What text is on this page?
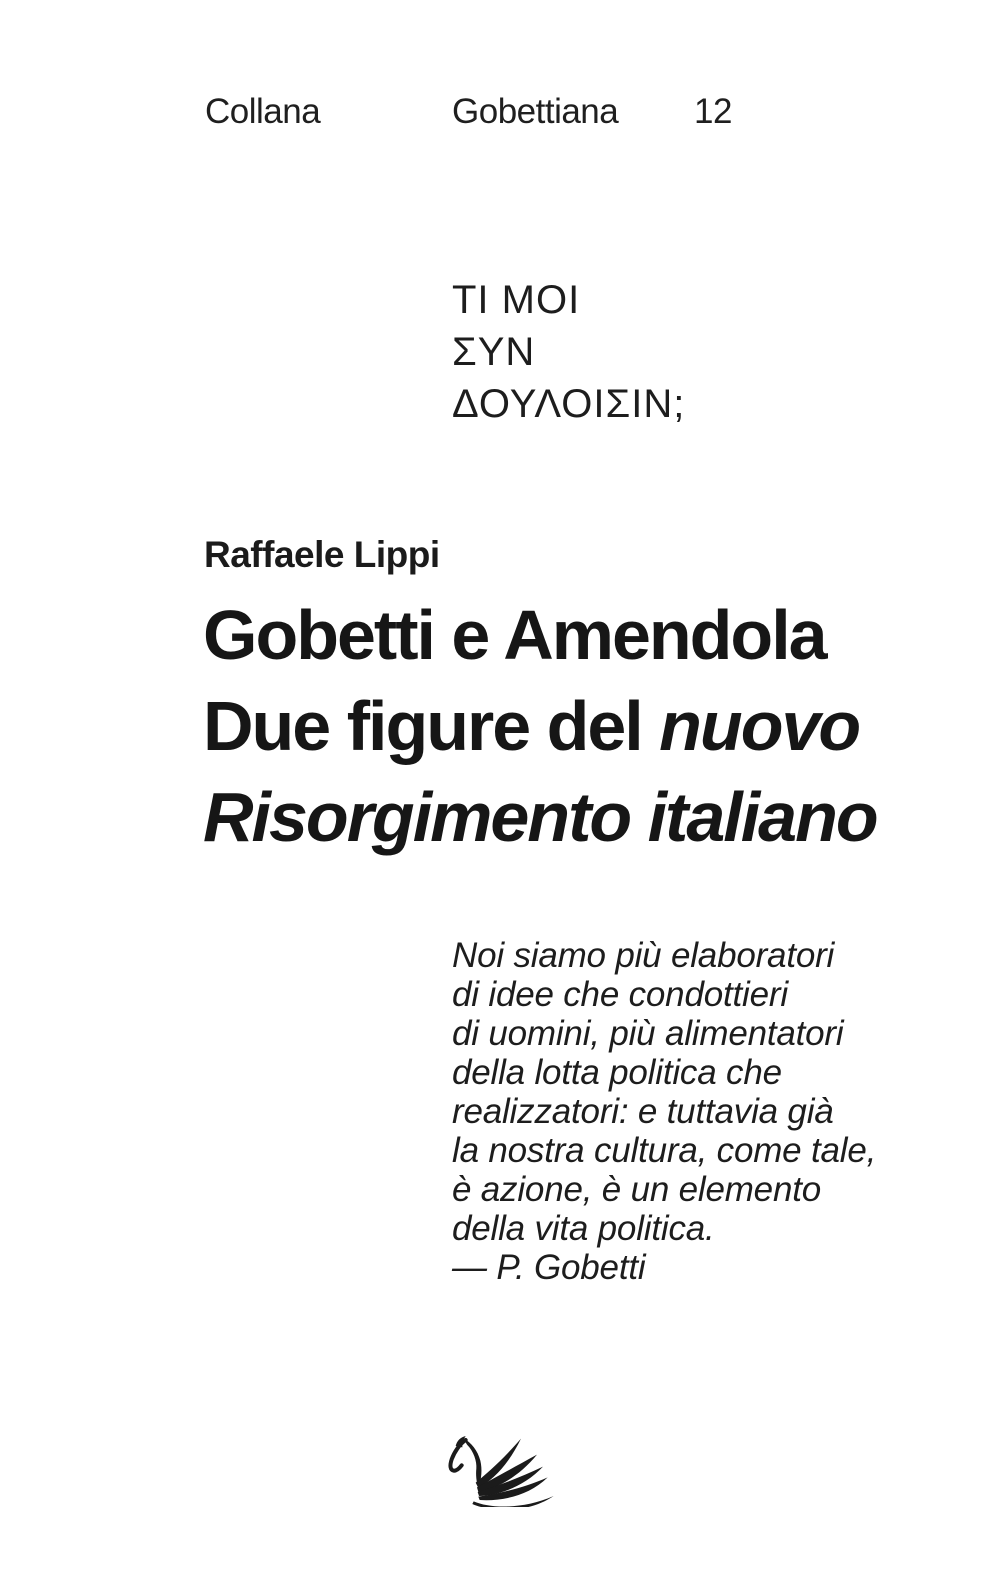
Collana	Gobettiana 12
ΤΙ ΜΟΙ
ΣΥΝ
ΔΟΥΛΟΙΣΙΝ;
Raffaele Lippi
Gobetti e Amendola
Due figure del nuovo
Risorgimento italiano
Noi siamo più elaboratori
di idee che condottieri
di uomini, più alimentatori
della lotta politica che
realizzatori: e tuttavia già
la nostra cultura, come tale,
è azione, è un elemento
della vita politica.
— P. Gobetti
